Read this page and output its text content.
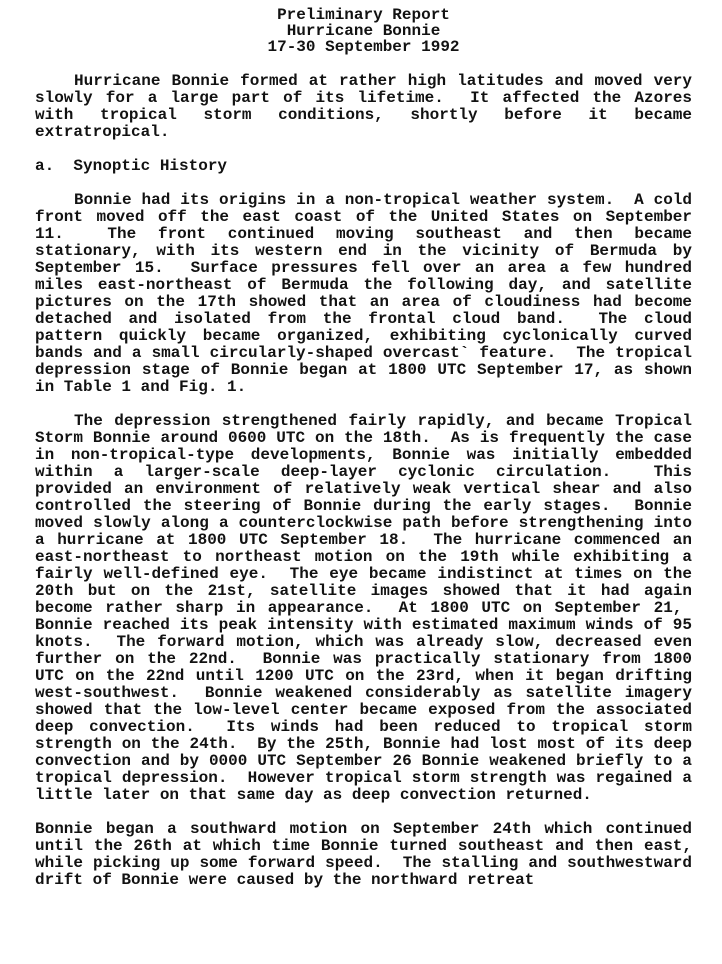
Preliminary Report
Hurricane Bonnie
17-30 September 1992

Hurricane Bonnie formed at rather high latitudes and moved very slowly for a large part of its lifetime.  It affected the Azores with tropical storm conditions, shortly before it became extratropical.

a.  Synoptic History

Bonnie had its origins in a non-tropical weather system.  A cold front moved off the east coast of the United States on September 11.  The front continued moving southeast and then became stationary, with its western end in the vicinity of Bermuda by September 15.  Surface pressures fell over an area a few hundred miles east-northeast of Bermuda the following day, and satellite pictures on the 17th showed that an area of cloudiness had become detached and isolated from the frontal cloud band.  The cloud pattern quickly became organized, exhibiting cyclonically curved bands and a small circularly-shaped overcast` feature.  The tropical depression stage of Bonnie began at 1800 UTC September 17, as shown in Table 1 and Fig. 1.

The depression strengthened fairly rapidly, and became Tropical Storm Bonnie around 0600 UTC on the 18th.  As is frequently the case in non-tropical-type developments, Bonnie was initially embedded within a larger-scale deep-layer cyclonic circulation.  This provided an environment of relatively weak vertical shear and also controlled the steering of Bonnie during the early stages.  Bonnie moved slowly along a counterclockwise path before strengthening into a hurricane at 1800 UTC September 18.  The hurricane commenced an east-northeast to northeast motion on the 19th while exhibiting a fairly well-defined eye.  The eye became indistinct at times on the 20th but on the 21st, satellite images showed that it had again become rather sharp in appearance.  At 1800 UTC on September 21,  Bonnie reached its peak intensity with estimated maximum winds of 95 knots.  The forward motion, which was already slow, decreased even further on the 22nd.  Bonnie was practically stationary from 1800 UTC on the 22nd until 1200 UTC on the 23rd, when it began drifting west-southwest.  Bonnie weakened considerably as satellite imagery showed that the low-level center became exposed from the associated deep convection.  Its winds had been reduced to tropical storm strength on the 24th.  By the 25th, Bonnie had lost most of its deep convection and by 0000 UTC September 26 Bonnie weakened briefly to a tropical depression.  However tropical storm strength was regained a little later on that same day as deep convection returned.

Bonnie began a southward motion on September 24th which continued until the 26th at which time Bonnie turned southeast and then east, while picking up some forward speed.  The stalling and southwestward drift of Bonnie were caused by the northward retreat
